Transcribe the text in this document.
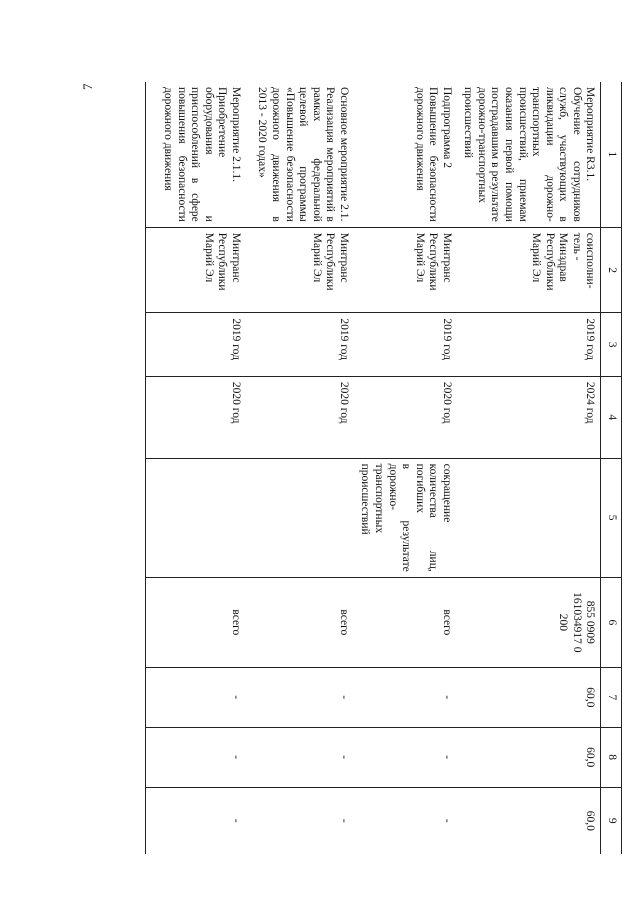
7
1	2	3	4	5	6	7	8	9
Мероприятие R3.1.
Обучение сотрудников служб, участвующих в ликвидации дорожно-транспортных происшествий, приемам оказания первой помощи пострадавшим в результате дорожно-транспортных происшествий	соисполни-
тель -
Минздрав
Республики
Марий Эл	2019 год	2024 год		855 0909
161034917 0
200	60,0	60,0	60,0
Подпрограмма 2
Повышение безопасности дорожного движения	Минтранс
Республики
Марий Эл	2019 год	2020 год	сокращение количества лиц, погибших
в результате дорожно-транспортных происшествий	всего	-	-	-
Основное мероприятие 2.1.
Реализация мероприятий в рамках федеральной целевой программы «Повышение безопасности дорожного движения в 2013 - 2020 годах»	Минтранс
Республики
Марий Эл	2019 год	2020 год		всего	-	-	-
Мероприятие 2.1.1.
Приобретение оборудования и приспособлений в сфере повышения безопасности дорожного движения	Минтранс
Республики
Марий Эл	2019 год	2020 год		всего	-	-	-
